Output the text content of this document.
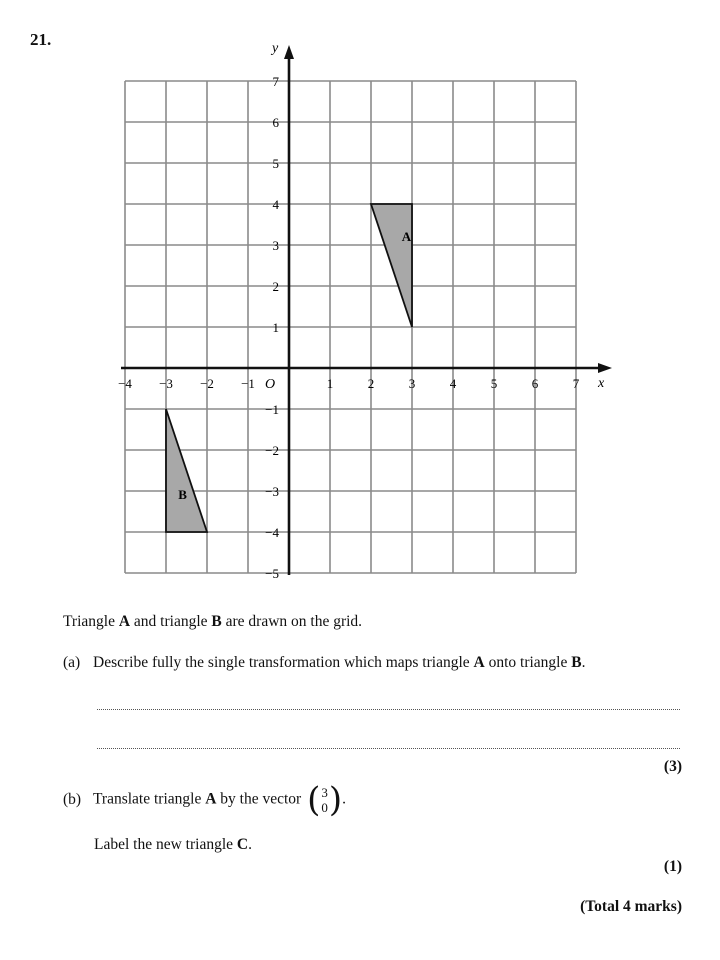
21.
A
B
x
y
O
−4 −3 −2 −1	1	2	3	4	5	6	7
7
6
5
4
3
2
1
−1
−2
−3
−4
−5
Triangle A and triangle B are drawn on the grid.
(a) Describe fully the single transformation which maps triangle A onto triangle B.
(3)
(b) Translate triangle A by the vector ( 3
0 ) .
Label the new triangle C.
(1)
(Total 4 marks)
